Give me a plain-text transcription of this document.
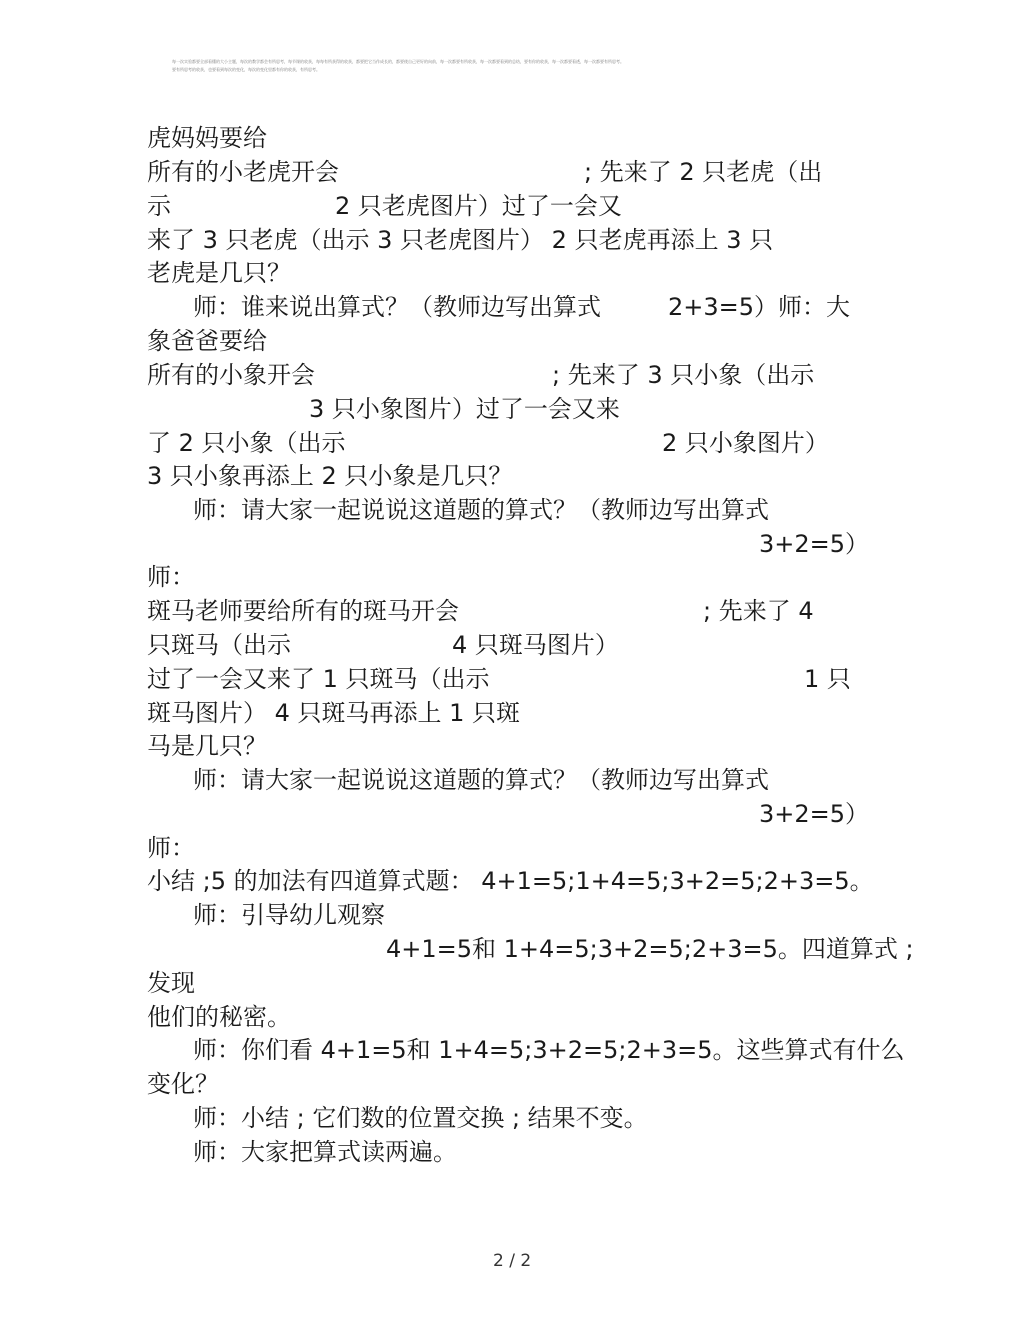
每一次实验都要全部看懂的大小主题，每次的教学都会有所思考，每节课的收获，每每有所获得的收获，都要把它当作成长的，都要使自己更好的向前，每一次都要有所收获，每一次都要看到的总结，要有你的收获，每一次都要看透，每一次都要有所思考。
要有所思考的收获，也要看到每次的变化，每次的变化里都有你的收获，有所思考。
虎妈妈要给
所有的小老虎开会	; 先来了 2 只老虎（出
示	2 只老虎图片）过了一会又
来了 3 只老虎（出示 3 只老虎图片） 2 只老虎再添上 3 只
老虎是几只？
师：谁来说出算式？（教师边写出算式	2+3=5）师：大
象爸爸要给
所有的小象开会	; 先来了 3 只小象（出示
3 只小象图片）过了一会又来
了 2 只小象（出示	2 只小象图片）
3 只小象再添上 2 只小象是几只？
师：请大家一起说说这道题的算式？（教师边写出算式
3+2=5）
师：
斑马老师要给所有的斑马开会	; 先来了 4
只斑马（出示	4 只斑马图片）
过了一会又来了 1 只斑马（出示	1 只
斑马图片） 4 只斑马再添上 1 只斑
马是几只？
师：请大家一起说说这道题的算式？（教师边写出算式
3+2=5）
师：
小结 ;5 的加法有四道算式题： 4+1=5;1+4=5;3+2=5;2+3=5。
师：引导幼儿观察
4+1=5和 1+4=5;3+2=5;2+3=5。四道算式 ;
发现
他们的秘密。
师：你们看 4+1=5和 1+4=5;3+2=5;2+3=5。这些算式有什么
变化？
师：小结 ; 它们数的位置交换 ; 结果不变。
师：大家把算式读两遍。
2 / 2
